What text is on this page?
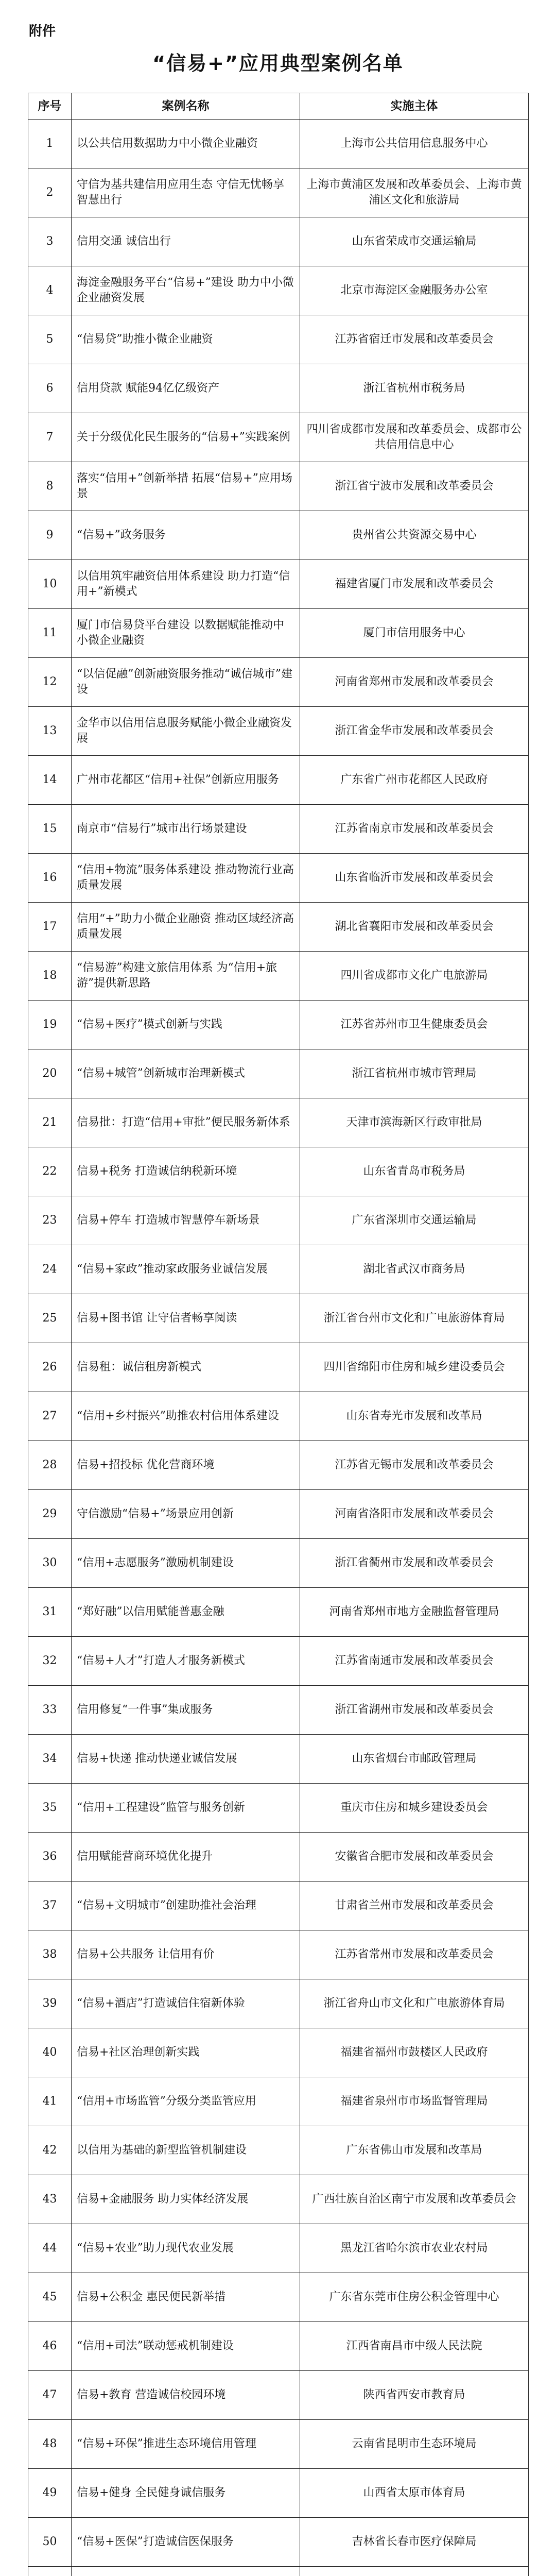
附件
“信易+”应用典型案例名单
序号	案例名称	实施主体
1	以公共信用数据助力中小微企业融资	上海市公共信用信息服务中心
2	守信为基共建信用应用生态 守信无忧畅享智慧出行	上海市黄浦区发展和改革委员会、上海市黄浦区文化和旅游局
3	信用交通 诚信出行	山东省荣成市交通运输局
4	海淀金融服务平台“信易+”建设 助力中小微企业融资发展	北京市海淀区金融服务办公室
5	“信易贷”助推小微企业融资	江苏省宿迁市发展和改革委员会
6	信用贷款 赋能94亿亿级资产	浙江省杭州市税务局
7	关于分级优化民生服务的“信易+”实践案例	四川省成都市发展和改革委员会、成都市公共信用信息中心
8	落实“信用+”创新举措 拓展“信易+”应用场景	浙江省宁波市发展和改革委员会
9	“信易+”政务服务	贵州省公共资源交易中心
10	以信用筑牢融资信用体系建设 助力打造“信用+”新模式	福建省厦门市发展和改革委员会
11	厦门市信易贷平台建设 以数据赋能推动中小微企业融资	厦门市信用服务中心
12	“以信促融”创新融资服务推动“诚信城市”建设	河南省郑州市发展和改革委员会
13	金华市以信用信息服务赋能小微企业融资发展	浙江省金华市发展和改革委员会
14	广州市花都区“信用+社保”创新应用服务	广东省广州市花都区人民政府
15	南京市“信易行”城市出行场景建设	江苏省南京市发展和改革委员会
16	“信用+物流”服务体系建设 推动物流行业高质量发展	山东省临沂市发展和改革委员会
17	信用“+”助力小微企业融资 推动区域经济高质量发展	湖北省襄阳市发展和改革委员会
18	“信易游”构建文旅信用体系 为“信用+旅游”提供新思路	四川省成都市文化广电旅游局
19	“信易+医疗”模式创新与实践	江苏省苏州市卫生健康委员会
20	“信易+城管”创新城市治理新模式	浙江省杭州市城市管理局
21	信易批：打造“信用+审批”便民服务新体系	天津市滨海新区行政审批局
22	信易+税务 打造诚信纳税新环境	山东省青岛市税务局
23	信易+停车 打造城市智慧停车新场景	广东省深圳市交通运输局
24	“信易+家政”推动家政服务业诚信发展	湖北省武汉市商务局
25	信易+图书馆 让守信者畅享阅读	浙江省台州市文化和广电旅游体育局
26	信易租：诚信租房新模式	四川省绵阳市住房和城乡建设委员会
27	“信用+乡村振兴”助推农村信用体系建设	山东省寿光市发展和改革局
28	信易+招投标 优化营商环境	江苏省无锡市发展和改革委员会
29	守信激励“信易+”场景应用创新	河南省洛阳市发展和改革委员会
30	“信用+志愿服务”激励机制建设	浙江省衢州市发展和改革委员会
31	“郑好融”以信用赋能普惠金融	河南省郑州市地方金融监督管理局
32	“信易+人才”打造人才服务新模式	江苏省南通市发展和改革委员会
33	信用修复“一件事”集成服务	浙江省湖州市发展和改革委员会
34	信易+快递 推动快递业诚信发展	山东省烟台市邮政管理局
35	“信用+工程建设”监管与服务创新	重庆市住房和城乡建设委员会
36	信用赋能营商环境优化提升	安徽省合肥市发展和改革委员会
37	“信易+文明城市”创建助推社会治理	甘肃省兰州市发展和改革委员会
38	信易+公共服务 让信用有价	江苏省常州市发展和改革委员会
39	“信易+酒店”打造诚信住宿新体验	浙江省舟山市文化和广电旅游体育局
40	信易+社区治理创新实践	福建省福州市鼓楼区人民政府
41	“信用+市场监管”分级分类监管应用	福建省泉州市市场监督管理局
42	以信用为基础的新型监管机制建设	广东省佛山市发展和改革局
43	信易+金融服务 助力实体经济发展	广西壮族自治区南宁市发展和改革委员会
44	“信易+农业”助力现代农业发展	黑龙江省哈尔滨市农业农村局
45	信易+公积金 惠民便民新举措	广东省东莞市住房公积金管理中心
46	“信用+司法”联动惩戒机制建设	江西省南昌市中级人民法院
47	信易+教育 营造诚信校园环境	陕西省西安市教育局
48	“信易+环保”推进生态环境信用管理	云南省昆明市生态环境局
49	信易+健身 全民健身诚信服务	山西省太原市体育局
50	“信易+医保”打造诚信医保服务	吉林省长春市医疗保障局
